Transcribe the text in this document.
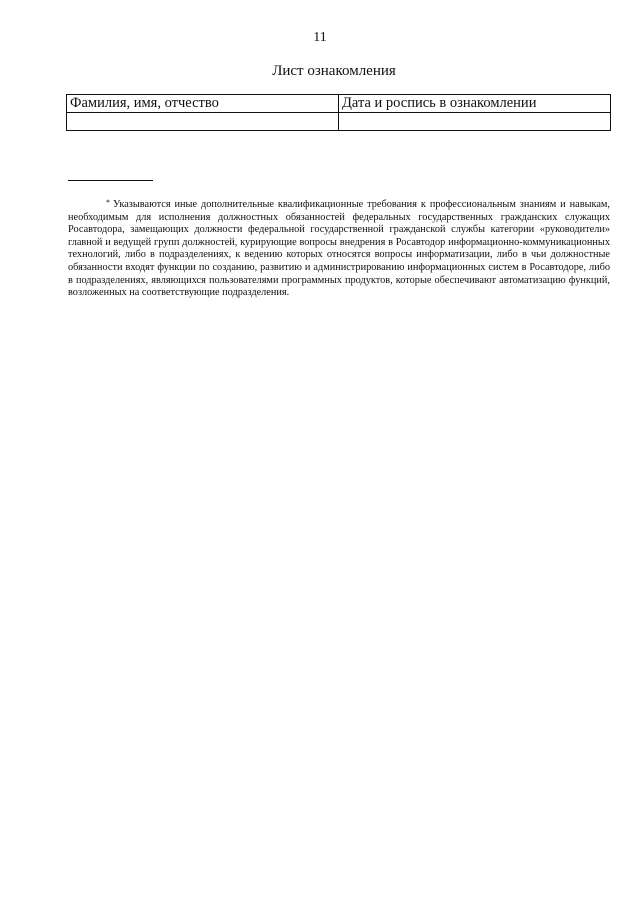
11
Лист ознакомления
Фамилия, имя, отчество	Дата и роспись в ознакомлении

* Указываются иные дополнительные квалификационные требования к профессиональным знаниям и навыкам, необходимым для исполнения должностных обязанностей федеральных государственных гражданских служащих Росавтодора, замещающих должности федеральной государственной гражданской службы категории «руководители» главной и ведущей групп должностей, курирующие вопросы внедрения в Росавтодор информационно-коммуникационных технологий, либо в подразделениях, к ведению которых относятся вопросы информатизации, либо в чьи должностные обязанности входят функции по созданию, развитию и администрированию информационных систем в Росавтодоре, либо в подразделениях, являющихся пользователями программных продуктов, которые обеспечивают автоматизацию функций, возложенных на соответствующие подразделения.
